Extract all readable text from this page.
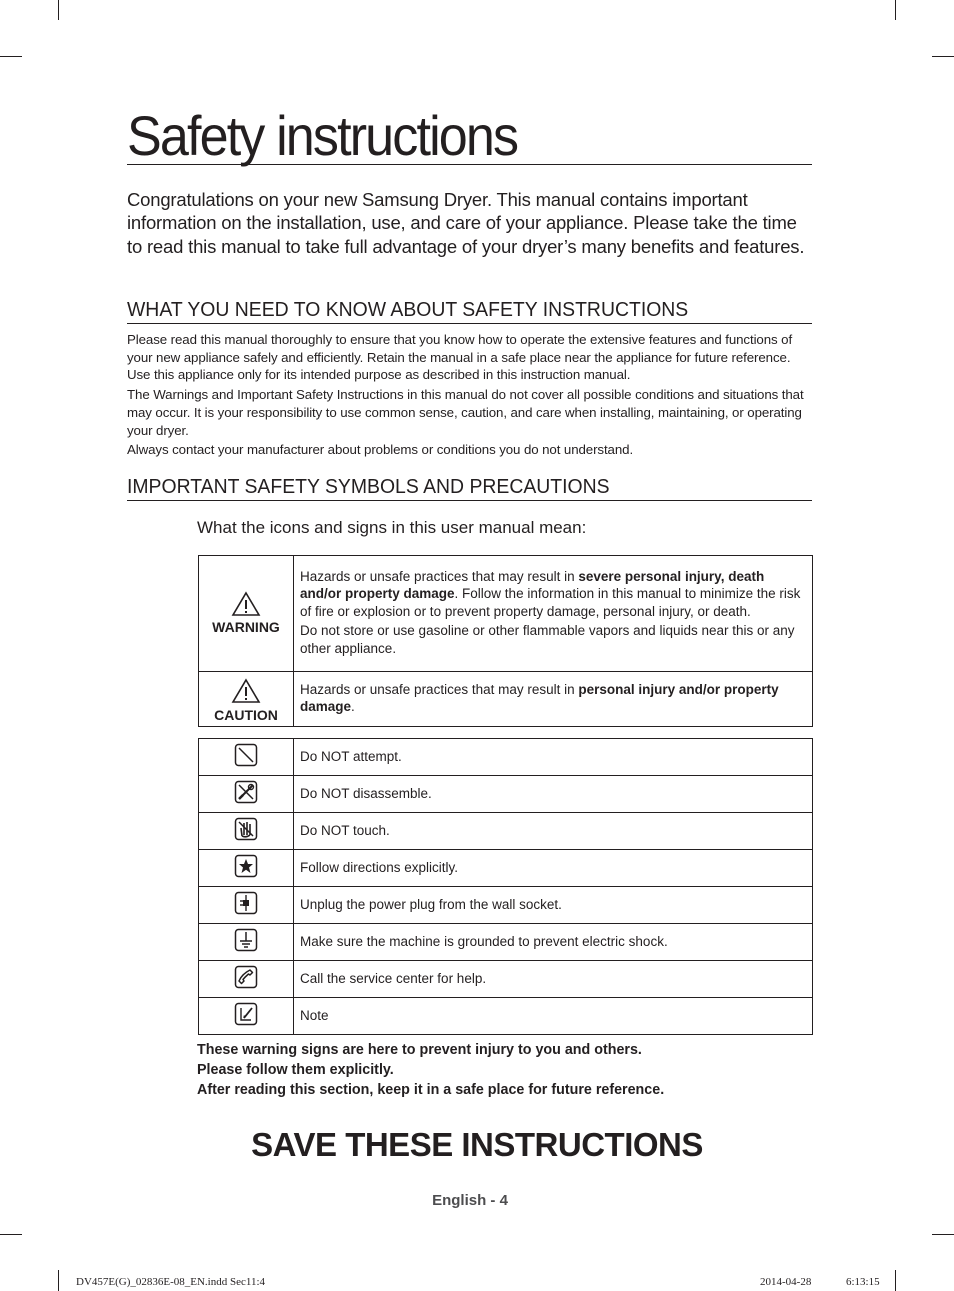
Safety instructions
Congratulations on your new Samsung Dryer. This manual contains important information on the installation, use, and care of your appliance. Please take the time to read this manual to take full advantage of your dryer’s many benefits and features.
WHAT YOU NEED TO KNOW ABOUT SAFETY INSTRUCTIONS

Please read this manual thoroughly to ensure that you know how to operate the extensive features and functions of your new appliance safely and efficiently. Retain the manual in a safe place near the appliance for future reference. Use this appliance only for its intended purpose as described in this instruction manual.

The Warnings and Important Safety Instructions in this manual do not cover all possible conditions and situations that may occur. It is your responsibility to use common sense, caution, and care when installing, maintaining, or operating your dryer.

Always contact your manufacturer about problems or conditions you do not understand.

IMPORTANT SAFETY SYMBOLS AND PRECAUTIONS
What the icons and signs in this user manual mean:
WARNING	Hazards or unsafe practices that may result in severe personal injury, death and/or property damage. Follow the information in this manual to minimize the risk of fire or explosion or to prevent property damage, personal injury, or death.

Do not store or use gasoline or other flammable vapors and liquids near this or any other appliance.

CAUTION	Hazards or unsafe practices that may result in personal injury and/or property damage.

	Do NOT attempt.
	Do NOT disassemble.
	Do NOT touch.
	Follow directions explicitly.
	Unplug the power plug from the wall socket.
	Make sure the machine is grounded to prevent electric shock.
	Call the service center for help.
	Note

These warning signs are here to prevent injury to you and others.

Please follow them explicitly.

After reading this section, keep it in a safe place for future reference.

SAVE THESE INSTRUCTIONS
English - 4
DV457E(G)_02836E-08_EN.indd Sec11:4	2014-04-28	6:13:15
